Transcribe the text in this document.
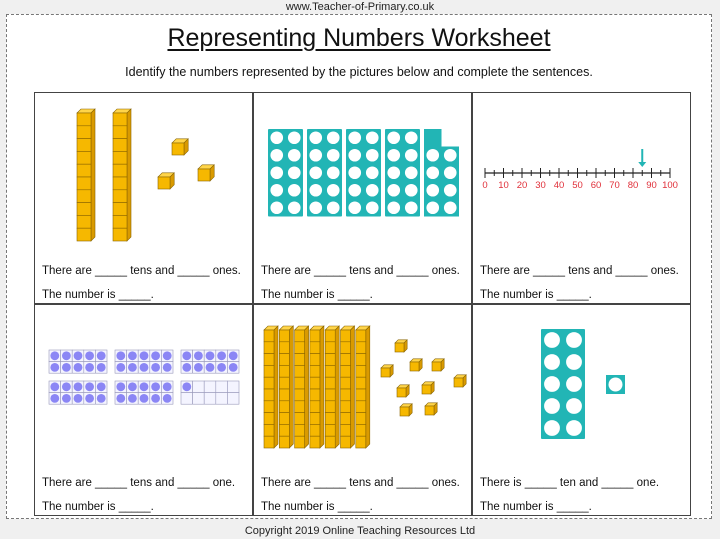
www.Teacher-of-Primary.co.uk
Representing Numbers Worksheet
Identify the numbers represented by the pictures below and complete the sentences.
There are _____ tens and _____ ones.
The number is _____.
There are _____ tens and _____ ones.
The number is _____.
0 10 20 30 40 50 60 70 80 90 100
There are _____ tens and _____ ones.
The number is _____.
There are _____ tens and _____ one.
The number is _____.
There are _____ tens and _____ ones.
The number is _____.
There is _____ ten and _____ one.
The number is _____.
Copyright 2019 Online Teaching Resources Ltd
